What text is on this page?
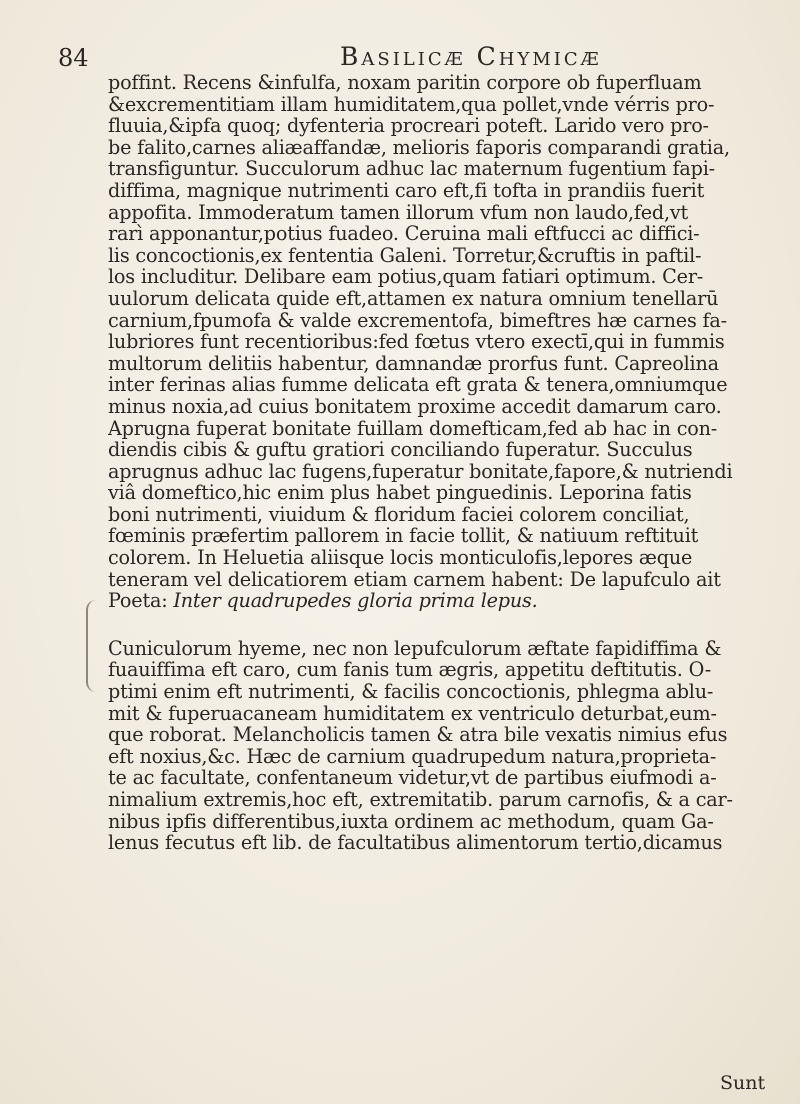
84	Basilicæ Chymicæ
poffint. Recens &infulfa, noxam paritin corpore ob fuperfluam
&excrementitiam illam humiditatem,qua pollet,vnde vérris pro-
fluuia,&ipfa quoq; dyfenteria procreari poteft. Larido vero pro-
be falito,carnes aliæaffandæ, melioris faporis comparandi gratia,
transfiguntur. Succulorum adhuc lac maternum fugentium fapi-
diffima, magnique nutrimenti caro eft,fi tofta in prandiis fuerit
appofita. Immoderatum tamen illorum vfum non laudo,fed,vt
rarì apponantur,potius fuadeo. Ceruina mali eftfucci ac diffici-
lis concoctionis,ex fententia Galeni. Torretur,&cruftis in paftil-
los includitur. Delibare eam potius,quam fatiari optimum. Cer-
uulorum delicata quide eft,attamen ex natura omnium tenellarū
carnium,fpumofa & valde excrementofa, bimeftres hæ carnes fa-
lubriores funt recentioribus:fed fœtus vtero exectī,qui in fummis
multorum delitiis habentur, damnandæ prorfus funt. Capreolina
inter ferinas alias fumme delicata eft grata & tenera,omniumque
minus noxia,ad cuius bonitatem proxime accedit damarum caro.
Aprugna fuperat bonitate fuillam domefticam,fed ab hac in con-
diendis cibis & guftu gratiori conciliando fuperatur. Succulus
aprugnus adhuc lac fugens,fuperatur bonitate,fapore,& nutriendi
viâ domeftico,hic enim plus habet pinguedinis. Leporina fatis
boni nutrimenti, viuidum & floridum faciei colorem conciliat,
fœminis præfertim pallorem in facie tollit, & natiuum reftituit
colorem. In Heluetia aliisque locis monticulofis,lepores æque
teneram vel delicatiorem etiam carnem habent: De lapufculo ait
Poeta: Inter quadrupedes gloria prima lepus.
Cuniculorum hyeme, nec non lepufculorum æftate fapidiffima &
fuauiffima eft caro, cum fanis tum ægris, appetitu deftitutis. O-
ptimi enim eft nutrimenti, & facilis concoctionis, phlegma ablu-
mit & fuperuacaneam humiditatem ex ventriculo deturbat,eum-
que roborat. Melancholicis tamen & atra bile vexatis nimius efus
eft noxius,&c. Hæc de carnium quadrupedum natura,proprieta-
te ac facultate, confentaneum videtur,vt de partibus eiufmodi a-
nimalium extremis,hoc eft, extremitatib. parum carnofis, & a car-
nibus ipfis differentibus,iuxta ordinem ac methodum, quam Ga-
lenus fecutus eft lib. de facultatibus alimentorum tertio,dicamus
Sunt
